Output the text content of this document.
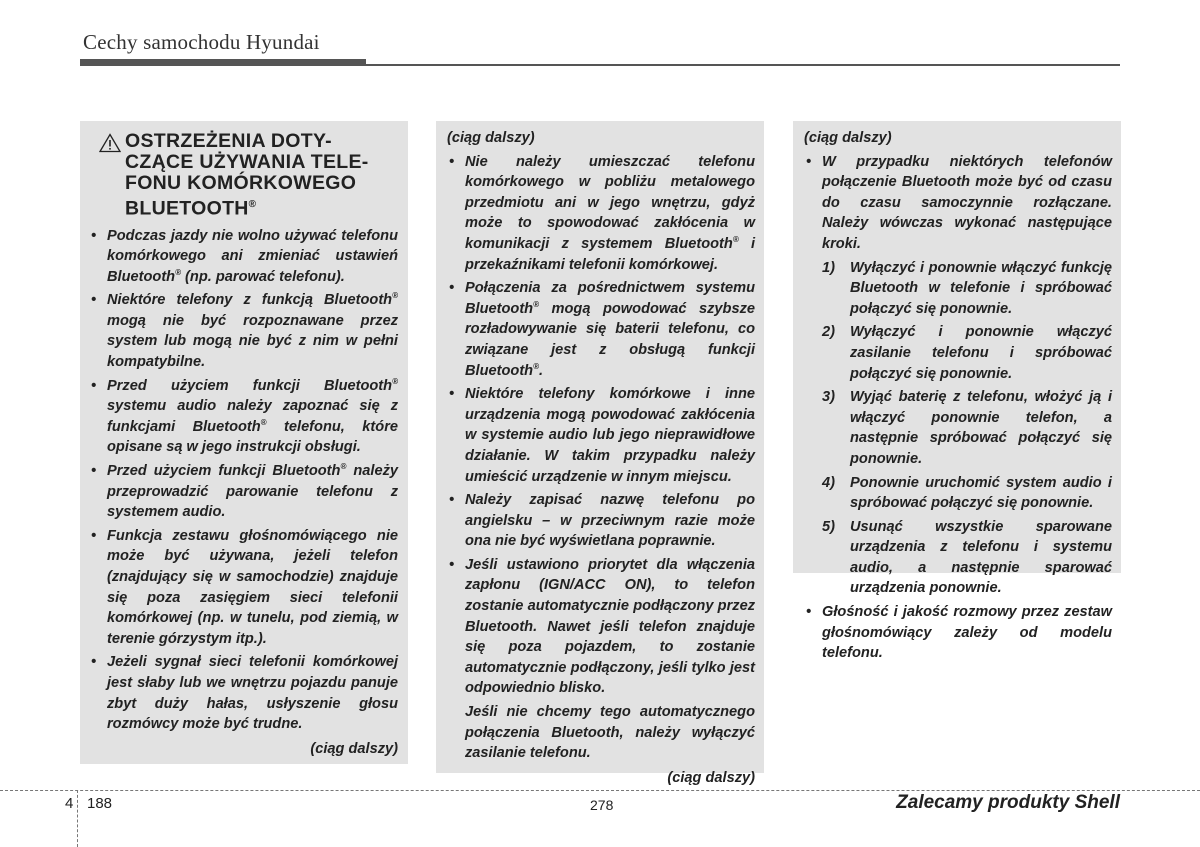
Cechy samochodu Hyundai
OSTRZEŻENIA DOTY-CZĄCE UŻYWANIA TELE-FONU KOMÓRKOWEGO BLUETOOTH®
• Podczas jazdy nie wolno używać telefonu komórkowego ani zmieniać ustawień Bluetooth® (np. parować telefonu).
• Niektóre telefony z funkcją Bluetooth® mogą nie być rozpoznawane przez system lub mogą nie być z nim w pełni kompatybilne.
• Przed użyciem funkcji Bluetooth® systemu audio należy zapoznać się z funkcjami Bluetooth® telefonu, które opisane są w jego instrukcji obsługi.
• Przed użyciem funkcji Bluetooth® należy przeprowadzić parowanie telefonu z systemem audio.
• Funkcja zestawu głośnomówiącego nie może być używana, jeżeli telefon (znajdujący się w samochodzie) znajduje się poza zasięgiem sieci telefonii komórkowej (np. w tunelu, pod ziemią, w terenie górzystym itp.).
• Jeżeli sygnał sieci telefonii komórkowej jest słaby lub we wnętrzu pojazdu panuje zbyt duży hałas, usłyszenie głosu rozmówcy może być trudne.
(ciąg dalszy)
(ciąg dalszy)
• Nie należy umieszczać telefonu komórkowego w pobliżu metalowego przedmiotu ani w jego wnętrzu, gdyż może to spowodować zakłócenia w komunikacji z systemem Bluetooth® i przekaźnikami telefonii komórkowej.
• Połączenia za pośrednictwem systemu Bluetooth® mogą powodować szybsze rozładowywanie się baterii telefonu, co związane jest z obsługą funkcji Bluetooth®.
• Niektóre telefony komórkowe i inne urządzenia mogą powodować zakłócenia w systemie audio lub jego nieprawidłowe działanie. W takim przypadku należy umieścić urządzenie w innym miejscu.
• Należy zapisać nazwę telefonu po angielsku – w przeciwnym razie może ona nie być wyświetlana poprawnie.
• Jeśli ustawiono priorytet dla włączenia zapłonu (IGN/ACC ON), to telefon zostanie automatycznie podłączony przez Bluetooth. Nawet jeśli telefon znajduje się poza pojazdem, to zostanie automatycznie podłączony, jeśli tylko jest odpowiednio blisko.
Jeśli nie chcemy tego automatycznego połączenia Bluetooth, należy wyłączyć zasilanie telefonu.
(ciąg dalszy)
(ciąg dalszy)
• W przypadku niektórych telefonów połączenie Bluetooth może być od czasu do czasu samoczynnie rozłączane. Należy wówczas wykonać następujące kroki.
1) Wyłączyć i ponownie włączyć funkcję Bluetooth w telefonie i spróbować połączyć się ponownie.
2) Wyłączyć i ponownie włączyć zasilanie telefonu i spróbować połączyć się ponownie.
3) Wyjąć baterię z telefonu, włożyć ją i włączyć ponownie telefon, a następnie spróbować połączyć się ponownie.
4) Ponownie uruchomić system audio i spróbować połączyć się ponownie.
5) Usunąć wszystkie sparowane urządzenia z telefonu i systemu audio, a następnie sparować urządzenia ponownie.
• Głośność i jakość rozmowy przez zestaw głośnomówiący zależy od modelu telefonu.
4 188	278	Zalecamy produkty Shell
